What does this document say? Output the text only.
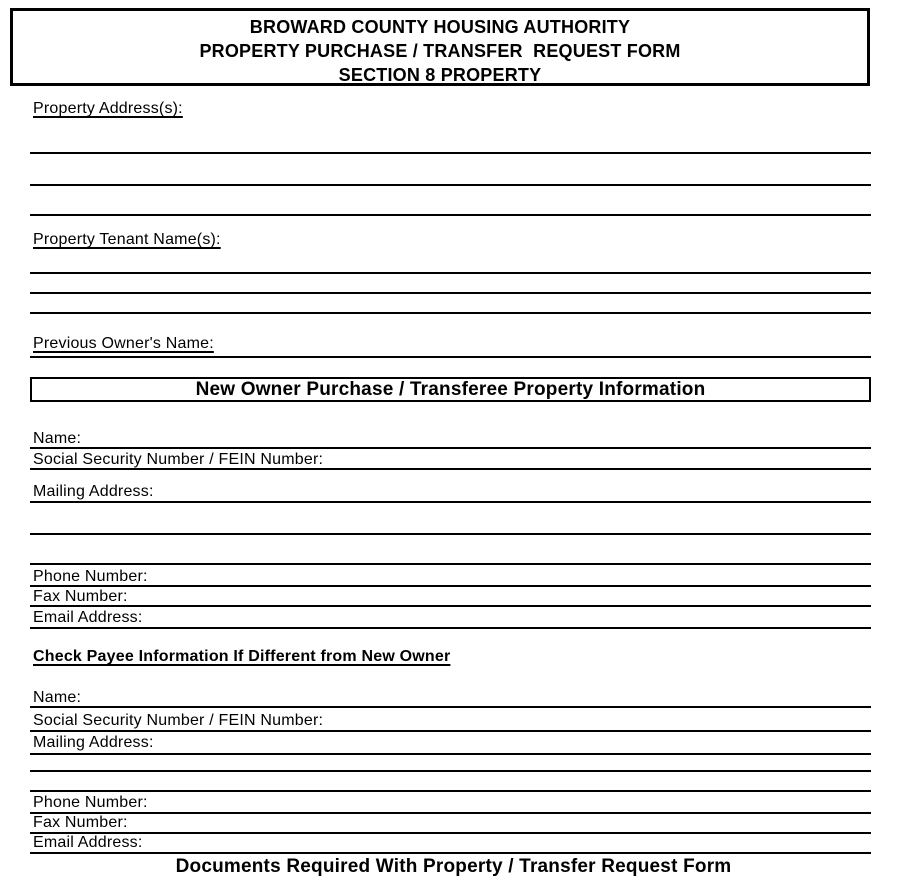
BROWARD COUNTY HOUSING AUTHORITY
PROPERTY PURCHASE / TRANSFER  REQUEST FORM
SECTION 8 PROPERTY
Property Address(s):
Property Tenant Name(s):
Previous Owner's Name:
New Owner Purchase / Transferee Property Information
Name:
Social Security Number / FEIN Number:
Mailing Address:
Phone Number:
Fax Number:
Email Address:
Check Payee Information If Different from New Owner
Name:
Social Security Number / FEIN Number:
Mailing Address:
Phone Number:
Fax Number:
Email Address:
Documents Required With Property / Transfer Request Form
